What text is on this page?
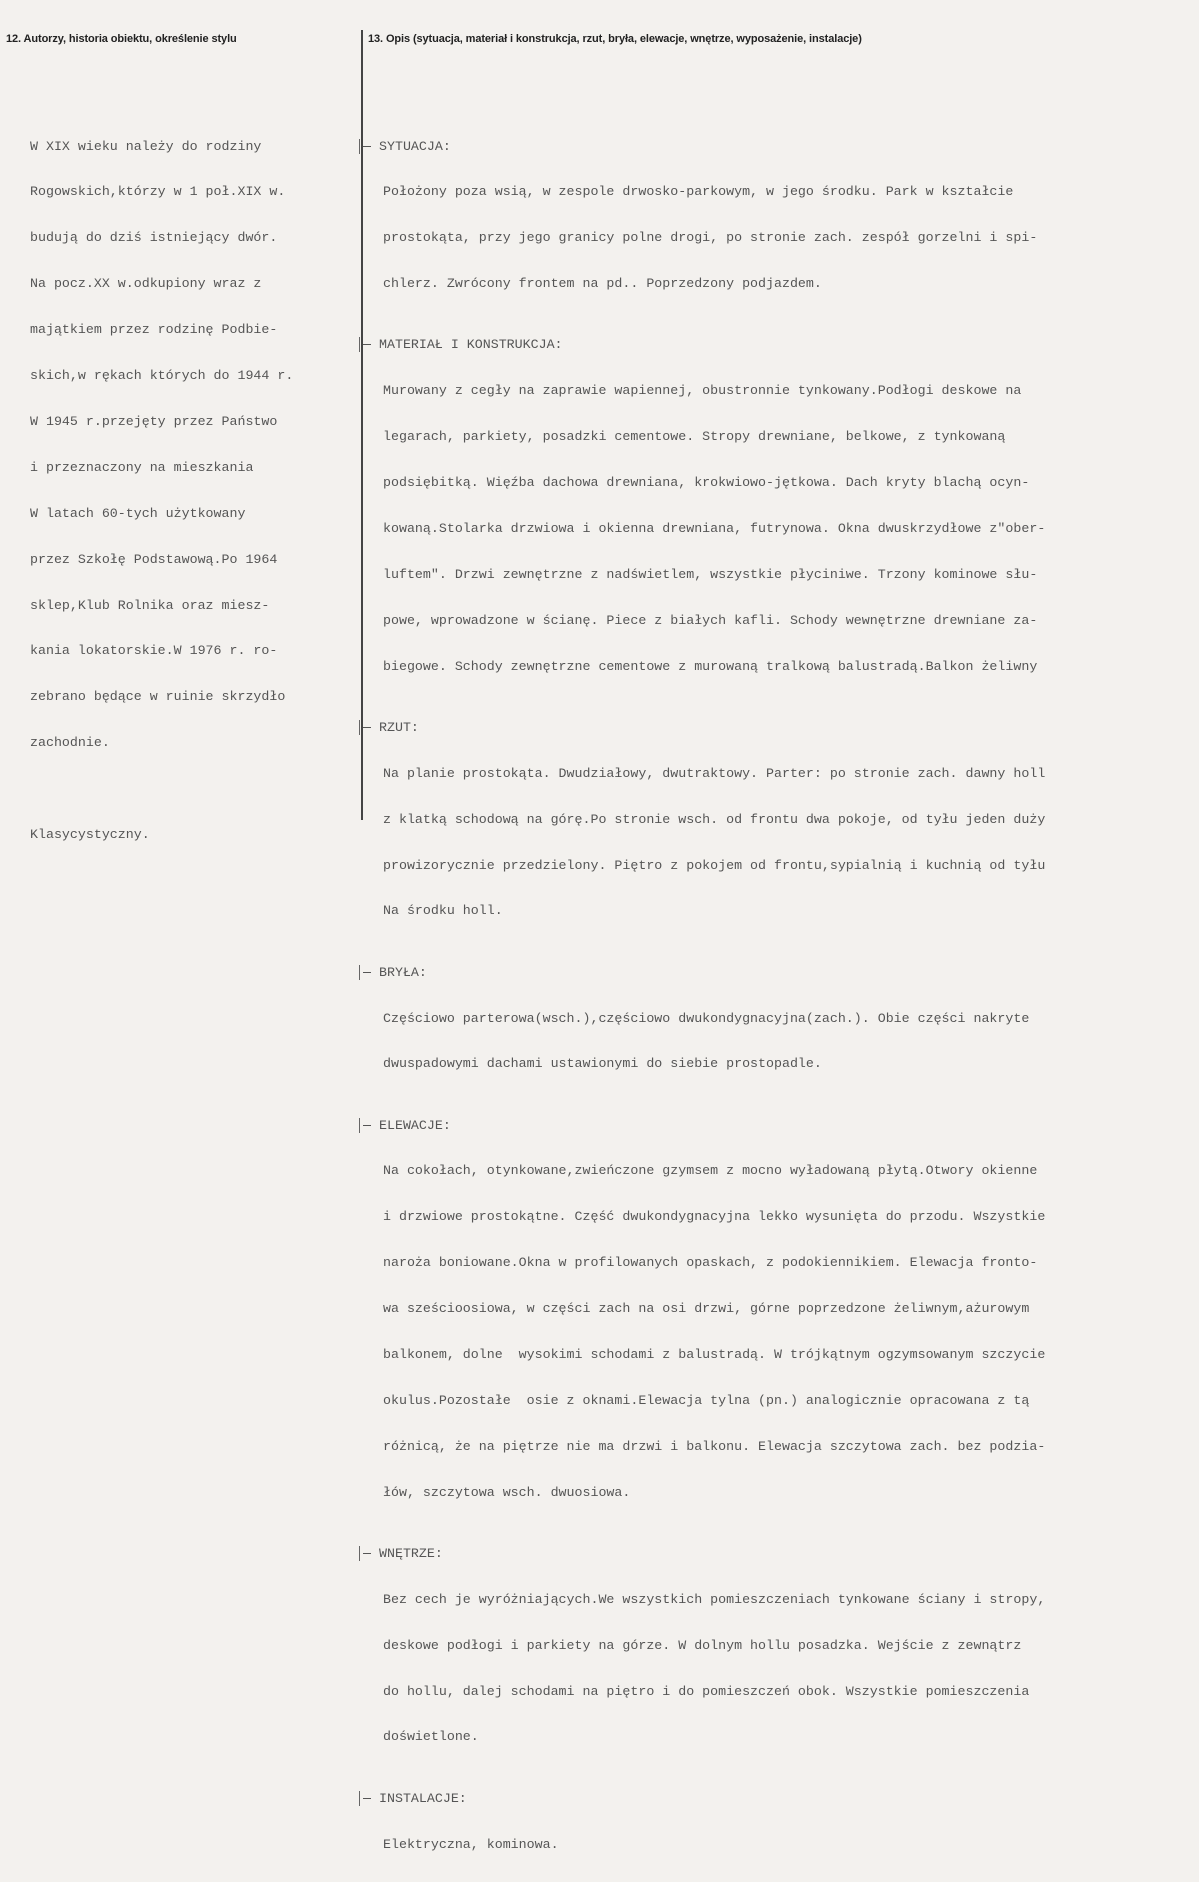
12. Autorzy, historia obiektu, określenie stylu	13. Opis (sytuacja, materiał i konstrukcja, rzut, bryła, elewacje, wnętrze, wyposażenie, instalacje)

W XIX wieku należy do rodziny

Rogowskich,którzy w 1 poł.XIX w.

budują do dziś istniejący dwór.

Na pocz.XX w.odkupiony wraz z

majątkiem przez rodzinę Podbie-

skich,w rękach których do 1944 r.

W 1945 r.przejęty przez Państwo

i przeznaczony na mieszkania

W latach 60-tych użytkowany

przez Szkołę Podstawową.Po 1964

sklep,Klub Rolnika oraz miesz-

kania lokatorskie.W 1976 r. ro-

zebrano będące w ruinie skrzydło

zachodnie.

Klasycystyczny.

SYTUACJA:

Położony poza wsią, w zespole drwosko-parkowym, w jego środku. Park w kształcie

prostokąta, przy jego granicy polne drogi, po stronie zach. zespół gorzelni i spi-

chlerz. Zwrócony frontem na pd.. Poprzedzony podjazdem.

MATERIAŁ I KONSTRUKCJA:

Murowany z cegły na zaprawie wapiennej, obustronnie tynkowany.Podłogi deskowe na

legarach, parkiety, posadzki cementowe. Stropy drewniane, belkowe, z tynkowaną

podsiębitką. Więźba dachowa drewniana, krokwiowo-jętkowa. Dach kryty blachą ocyn-

kowaną.Stolarka drzwiowa i okienna drewniana, futrynowa. Okna dwuskrzydłowe z"ober-

luftem". Drzwi zewnętrzne z nadświetlem, wszystkie płyciniwe. Trzony kominowe słu-

powe, wprowadzone w ścianę. Piece z białych kafli. Schody wewnętrzne drewniane za-

biegowe. Schody zewnętrzne cementowe z murowaną tralkową balustradą.Balkon żeliwny

RZUT:

Na planie prostokąta. Dwudziałowy, dwutraktowy. Parter: po stronie zach. dawny holl

z klatką schodową na górę.Po stronie wsch. od frontu dwa pokoje, od tyłu jeden duży

prowizorycznie przedzielony. Piętro z pokojem od frontu,sypialnią i kuchnią od tyłu

Na środku holl.

BRYŁA:

Częściowo parterowa(wsch.),częściowo dwukondygnacyjna(zach.). Obie części nakryte

dwuspadowymi dachami ustawionymi do siebie prostopadle.

ELEWACJE:

Na cokołach, otynkowane,zwieńczone gzymsem z mocno wyładowaną płytą.Otwory okienne

i drzwiowe prostokątne. Część dwukondygnacyjna lekko wysunięta do przodu. Wszystkie

naroża boniowane.Okna w profilowanych opaskach, z podokiennikiem. Elewacja fronto-

wa sześcioosiowa, w części zach na osi drzwi, górne poprzedzone żeliwnym,ażurowym

balkonem, dolne  wysokimi schodami z balustradą. W trójkątnym ogzymsowanym szczycie

okulus.Pozostałe  osie z oknami.Elewacja tylna (pn.) analogicznie opracowana z tą

różnicą, że na piętrze nie ma drzwi i balkonu. Elewacja szczytowa zach. bez podzia-

łów, szczytowa wsch. dwuosiowa.

WNĘTRZE:

Bez cech je wyróżniających.We wszystkich pomieszczeniach tynkowane ściany i stropy,

deskowe podłogi i parkiety na górze. W dolnym hollu posadzka. Wejście z zewnątrz

do hollu, dalej schodami na piętro i do pomieszczeń obok. Wszystkie pomieszczenia

doświetlone.

INSTALACJE:

Elektryczna, kominowa.
